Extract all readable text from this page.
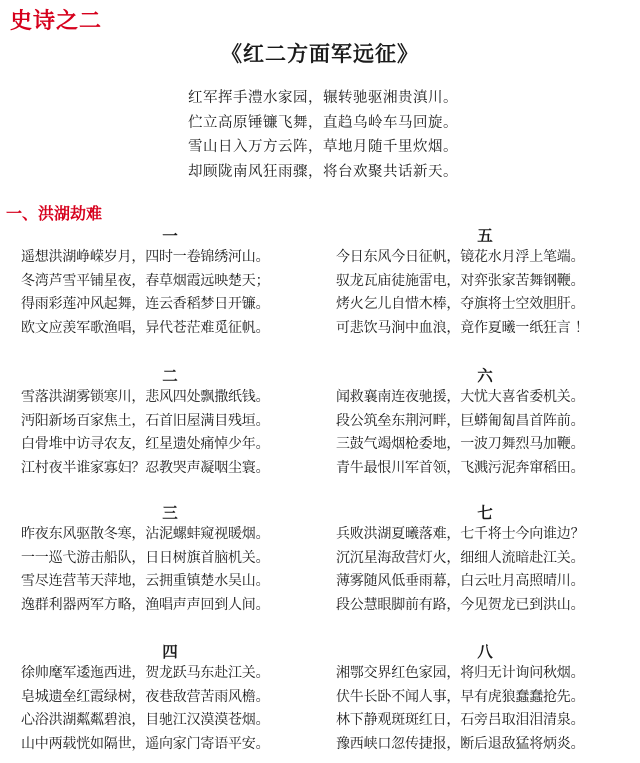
史诗之二
《红二方面军远征》
红军挥手澧水家园，辗转驰驱湘贵滇川。
伫立高原锤镰飞舞，直趋乌岭车马回旋。
雪山日入万方云阵，草地月随千里炊烟。
却顾陇南风狂雨骤，将台欢聚共话新天。
一、洪湖劫难
一
遥想洪湖峥嵘岁月，四时一卷锦绣河山。
冬湾芦雪平铺星夜，春草烟霞远映楚天；
得雨彩莲冲风起舞，连云香稻梦日开镰。
欧文应羡军歌渔唱，异代苍茫难觅征帆。
二
雪落洪湖雾锁寒川，悲风四处飘撒纸钱。
沔阳新场百家焦土，石首旧屋满目残垣。
白骨堆中访寻农友，红星遗处痛悼少年。
江村夜半谁家寡妇？忍教哭声凝咽尘寰。
三
昨夜东风驱散冬寒，沾泥螺蚌窥视暖烟。
一一巡弋游击船队，日日树旗首脑机关。
雪尽连营苇天萍地，云拥重镇楚水吴山。
逸群利器两军方略，渔唱声声回到人间。
四
徐帅麾军逶迤西进，贺龙跃马东赴江关。
皂城遗垒红霞绿树，夜巷敌营苦雨风檐。
心浴洪湖粼粼碧浪，目驰江汉漠漠苍烟。
山中两载恍如隔世，遥向家门寄语平安。
五
今日东风今日征帆，镜花水月浮上笔端。
驭龙瓦庙徒施雷电，对弈张家苦舞钢鞭。
烤火乞儿自惜木棒，夺旗将士空效胆肝。
可悲饮马涧中血浪，竟作夏曦一纸狂言 ！
六
闻救襄南连夜驰援，大忧大喜省委机关。
段公筑垒东荆河畔，巨蟒匍匐昌首阵前。
三鼓气竭烟枪委地，一波刀舞烈马加鞭。
青牛最恨川军首领，飞溅污泥奔窜稻田。
七
兵败洪湖夏曦落难，七千将士今向谁边？
沉沉星海敌营灯火，细细人流暗赴江关。
薄雾随风低垂雨幕，白云吐月高照晴川。
段公慧眼脚前有路，今见贺龙已到洪山。
八
湘鄂交界红色家园，将归无计询问秋烟。
伏牛长卧不闻人事，早有虎狼蠢蠢抢先。
林下静观斑斑红日，石旁吕取泪泪清泉。
豫西峡口忽传捷报，断后退敌猛将炳炎。
